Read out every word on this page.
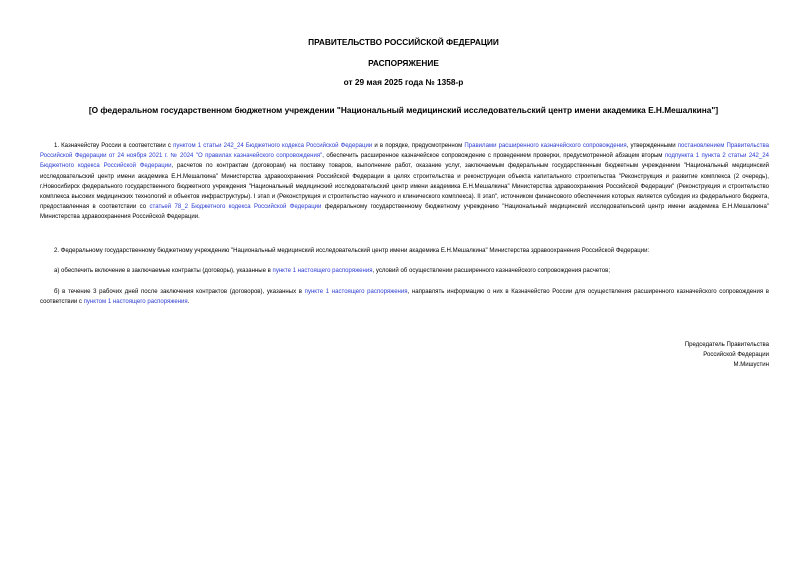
ПРАВИТЕЛЬСТВО РОССИЙСКОЙ ФЕДЕРАЦИИ
РАСПОРЯЖЕНИЕ
от 29 мая 2025 года № 1358-р
[О федеральном государственном бюджетном учреждении "Национальный медицинский исследовательский центр имени академика Е.Н.Мешалкина"]

1. Казначейству России в соответствии с пунктом 1 статьи 242_24 Бюджетного кодекса Российской Федерации и в порядке, предусмотренном Правилами расширенного казначейского сопровождения, утвержденными постановлением Правительства Российской Федерации от 24 ноября 2021 г. № 2024 "О правилах казначейского сопровождения", обеспечить расширенное казначейское сопровождение с проведением проверки, предусмотренной абзацем вторым подпункта 1 пункта 2 статьи 242_24 Бюджетного кодекса Российской Федерации, расчетов по контрактам (договорам) на поставку товаров, выполнение работ, оказание услуг, заключаемым федеральным государственным бюджетным учреждением "Национальный медицинский исследовательский центр имени академика Е.Н.Мешалкина" Министерства здравоохранения Российской Федерации в целях строительства и реконструкции объекта капитального строительства "Реконструкция и развитие комплекса (2 очередь), г.Новосибирск федерального государственного бюджетного учреждения "Национальный медицинский исследовательский центр имени академика Е.Н.Мешалкина" Министерства здравоохранения Российской Федерации" (Реконструкция и строительство комплекса высоких медицинских технологий и объектов инфраструктуры). I этап и (Реконструкция и строительство научного и клинического комплекса). II этап", источником финансового обеспечения которых является субсидия из федерального бюджета, предоставленная в соответствии со статьей 78_2 Бюджетного кодекса Российской Федерации федеральному государственному бюджетному учреждению "Национальный медицинский исследовательский центр имени академика Е.Н.Мешалкина" Министерства здравоохранения Российской Федерации.

2. Федеральному государственному бюджетному учреждению "Национальный медицинский исследовательский центр имени академика Е.Н.Мешалкина" Министерства здравоохранения Российской Федерации:

а) обеспечить включение в заключаемые контракты (договоры), указанные в пункте 1 настоящего распоряжения, условий об осуществлении расширенного казначейского сопровождения расчетов;

б) в течение 3 рабочих дней после заключения контрактов (договоров), указанных в пункте 1 настоящего распоряжения, направлять информацию о них в Казначейство России для осуществления расширенного казначейского сопровождения в соответствии с пунктом 1 настоящего распоряжения.

Председатель Правительства
Российской Федерации
М.Мишустин
